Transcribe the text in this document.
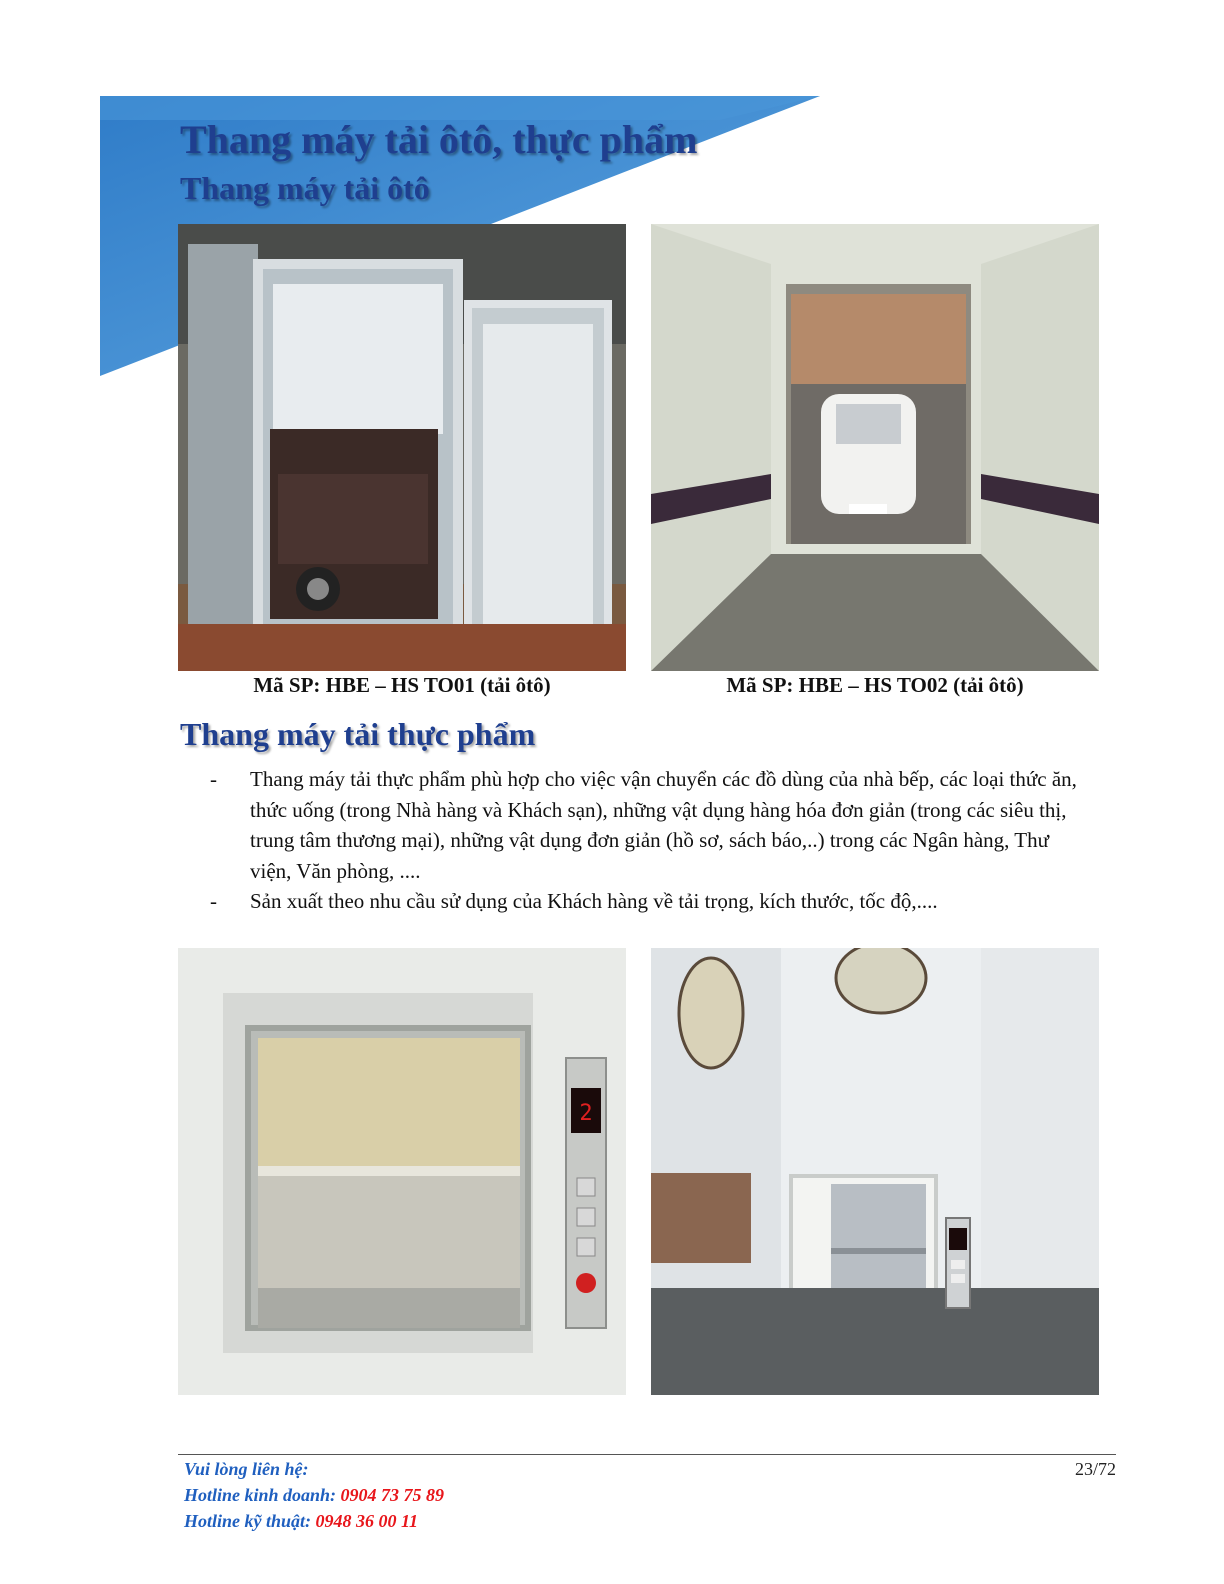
Thang máy tải ôtô, thực phẩm
Thang máy tải ôtô
Mã SP: HBE – HS TO01 (tải ôtô)	Mã SP: HBE – HS TO02 (tải ôtô)
Thang máy tải thực phẩm
- Thang máy tải thực phẩm phù hợp cho việc vận chuyển các đồ dùng của nhà bếp, các loại thức ăn, thức uống (trong Nhà hàng và Khách sạn), những vật dụng hàng hóa đơn giản (trong các siêu thị, trung tâm thương mại), những vật dụng đơn giản (hồ sơ, sách báo,..) trong các Ngân hàng, Thư viện, Văn phòng, ....
- Sản xuất theo nhu cầu sử dụng của Khách hàng về tải trọng, kích thước, tốc độ,....
2
Vui lòng liên hệ:
Hotline kinh doanh: 0904 73 75 89
Hotline kỹ thuật: 0948 36 00 11
23/72
